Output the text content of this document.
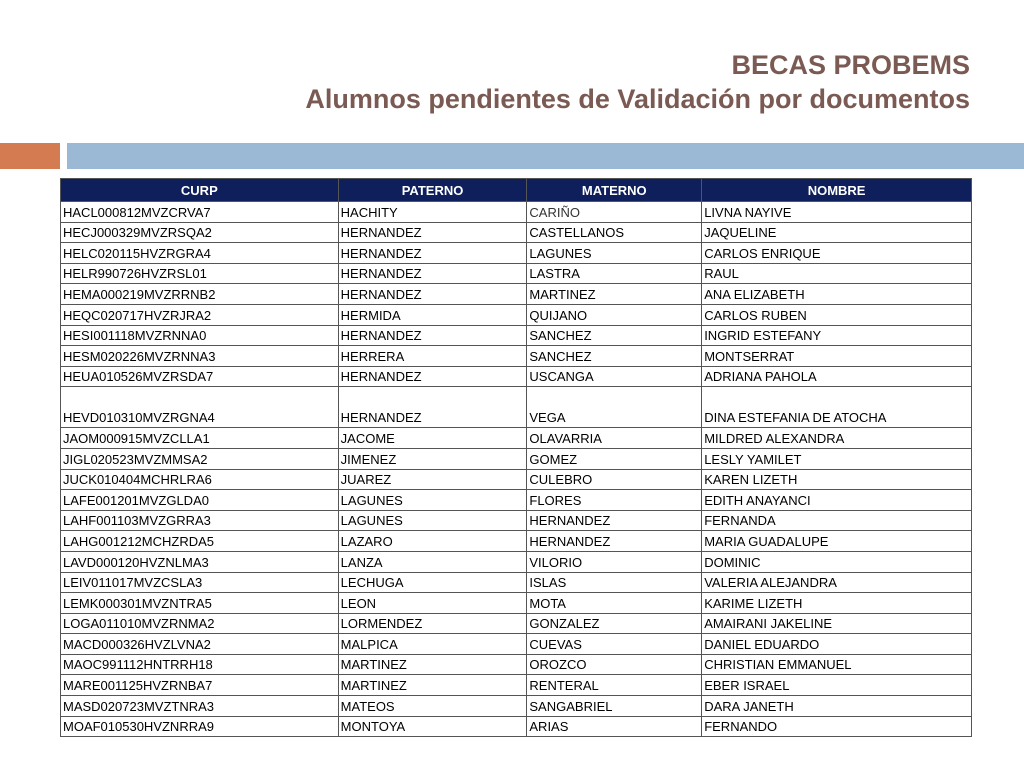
BECAS PROBEMS
Alumnos pendientes de Validación por documentos
CURP	PATERNO	MATERNO	NOMBRE
HACL000812MVZCRVA7	HACHITY	CARIÑO	LIVNA NAYIVE
HECJ000329MVZRSQA2	HERNANDEZ	CASTELLANOS	JAQUELINE
HELC020115HVZRGRA4	HERNANDEZ	LAGUNES	CARLOS ENRIQUE
HELR990726HVZRSL01	HERNANDEZ	LASTRA	RAUL
HEMA000219MVZRRNB2	HERNANDEZ	MARTINEZ	ANA ELIZABETH
HEQC020717HVZRJRA2	HERMIDA	QUIJANO	CARLOS RUBEN
HESI001118MVZRNNA0	HERNANDEZ	SANCHEZ	INGRID ESTEFANY
HESM020226MVZRNNA3	HERRERA	SANCHEZ	MONTSERRAT
HEUA010526MVZRSDA7	HERNANDEZ	USCANGA	ADRIANA PAHOLA
HEVD010310MVZRGNA4	HERNANDEZ	VEGA	DINA ESTEFANIA DE ATOCHA
JAOM000915MVZCLLA1	JACOME	OLAVARRIA	MILDRED ALEXANDRA
JIGL020523MVZMMSA2	JIMENEZ	GOMEZ	LESLY YAMILET
JUCK010404MCHRLRA6	JUAREZ	CULEBRO	KAREN LIZETH
LAFE001201MVZGLDA0	LAGUNES	FLORES	EDITH ANAYANCI
LAHF001103MVZGRRA3	LAGUNES	HERNANDEZ	FERNANDA
LAHG001212MCHZRDA5	LAZARO	HERNANDEZ	MARIA GUADALUPE
LAVD000120HVZNLMA3	LANZA	VILORIO	DOMINIC
LEIV011017MVZCSLA3	LECHUGA	ISLAS	VALERIA ALEJANDRA
LEMK000301MVZNTRA5	LEON	MOTA	KARIME LIZETH
LOGA011010MVZRNMA2	LORMENDEZ	GONZALEZ	AMAIRANI JAKELINE
MACD000326HVZLVNA2	MALPICA	CUEVAS	DANIEL EDUARDO
MAOC991112HNTRRH18	MARTINEZ	OROZCO	CHRISTIAN EMMANUEL
MARE001125HVZRNBA7	MARTINEZ	RENTERAL	EBER ISRAEL
MASD020723MVZTNRA3	MATEOS	SANGABRIEL	DARA JANETH
MOAF010530HVZNRRA9	MONTOYA	ARIAS	FERNANDO
